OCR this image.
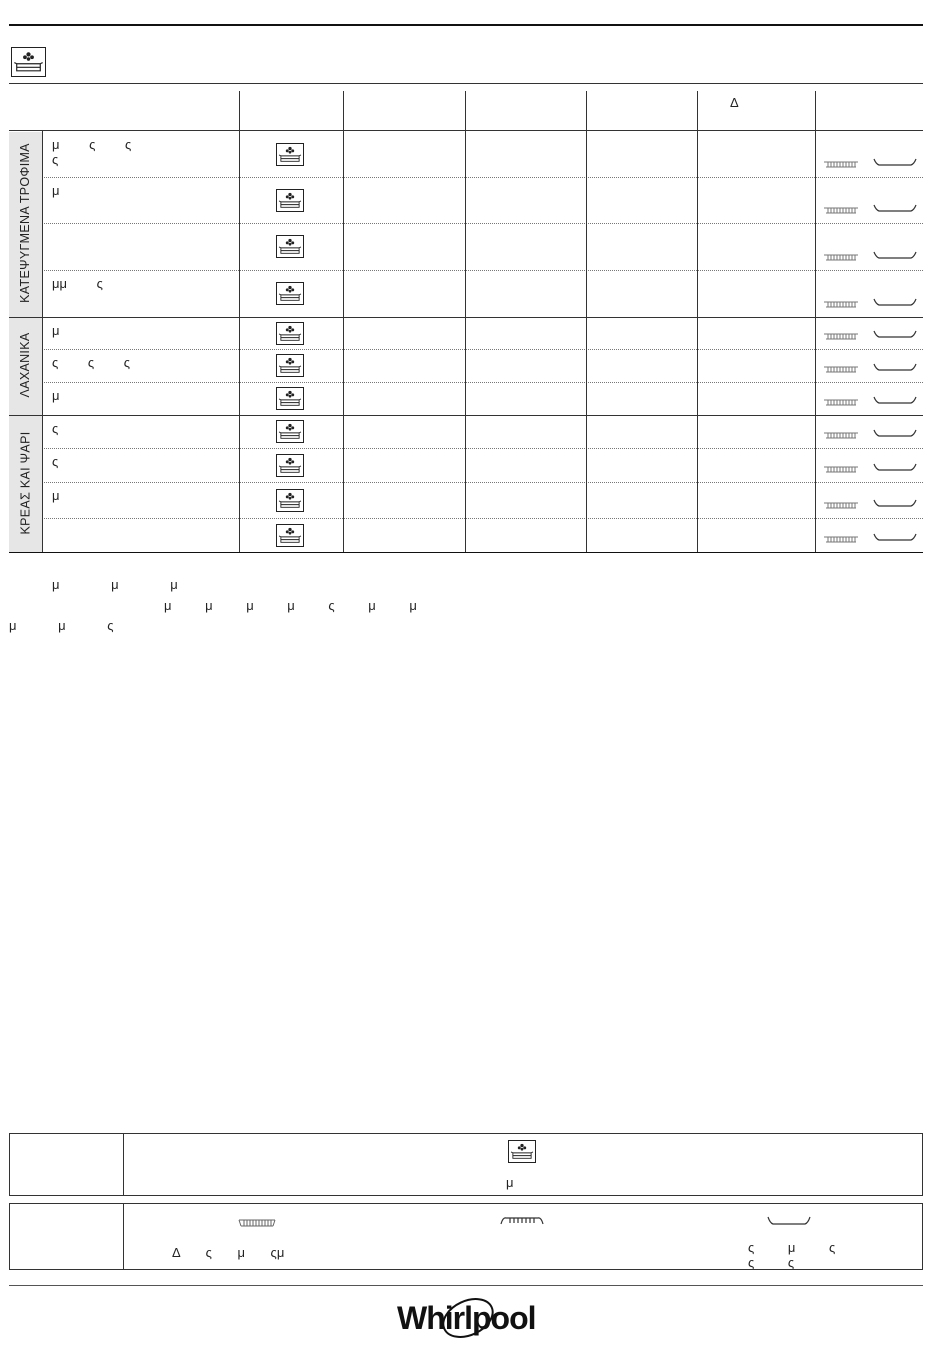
Δ
ΚΑΤΕΨΥΓΜΕΝΑ ΤΡΟΦΙΜΑ μ ς ς
ς
μ
μμ ς
ΛΑΧΑΝΙΚΑ
μ
ς ς ς
μ
ΚΡΕΑΣ ΚΑΙ ΨΑΡΙ
ς
ς
μ
μ μ μ
μ μ μ μ ς μ μ
μ μ ς
μ
Δ ς μ ςμ	ς μ ς
ς ς
Whirlpool
